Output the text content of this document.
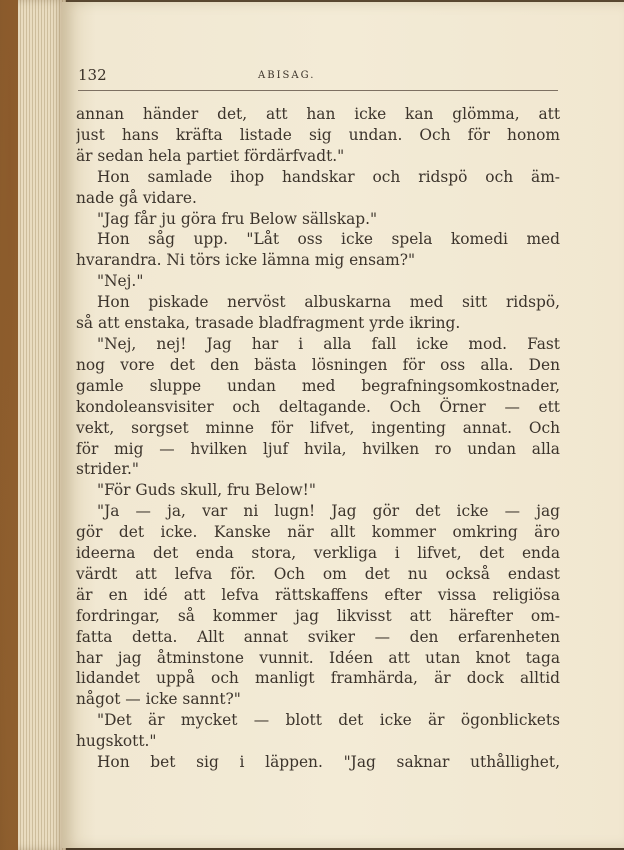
132	ABISAG.
annan händer det, att han icke kan glömma, att
just hans kräfta listade sig undan. Och för honom
är sedan hela partiet fördärfvadt."
Hon samlade ihop handskar och ridspö och äm-
nade gå vidare.
"Jag får ju göra fru Below sällskap."
Hon såg upp. "Låt oss icke spela komedi med
hvarandra. Ni törs icke lämna mig ensam?"
"Nej."
Hon piskade nervöst albuskarna med sitt ridspö,
så att enstaka, trasade bladfragment yrde ikring.
"Nej, nej! Jag har i alla fall icke mod. Fast
nog vore det den bästa lösningen för oss alla. Den
gamle sluppe undan med begrafningsomkostnader,
kondoleansvisiter och deltagande. Och Örner — ett
vekt, sorgset minne för lifvet, ingenting annat. Och
för mig — hvilken ljuf hvila, hvilken ro undan alla
strider."
"För Guds skull, fru Below!"
"Ja — ja, var ni lugn! Jag gör det icke — jag
gör det icke. Kanske när allt kommer omkring äro
ideerna det enda stora, verkliga i lifvet, det enda
värdt att lefva för. Och om det nu också endast
är en idé att lefva rättskaffens efter vissa religiösa
fordringar, så kommer jag likvisst att härefter om-
fatta detta. Allt annat sviker — den erfarenheten
har jag åtminstone vunnit. Idéen att utan knot taga
lidandet uppå och manligt framhärda, är dock alltid
något — icke sannt?"
"Det är mycket — blott det icke är ögonblickets
hugskott."
Hon bet sig i läppen. "Jag saknar uthållighet,
